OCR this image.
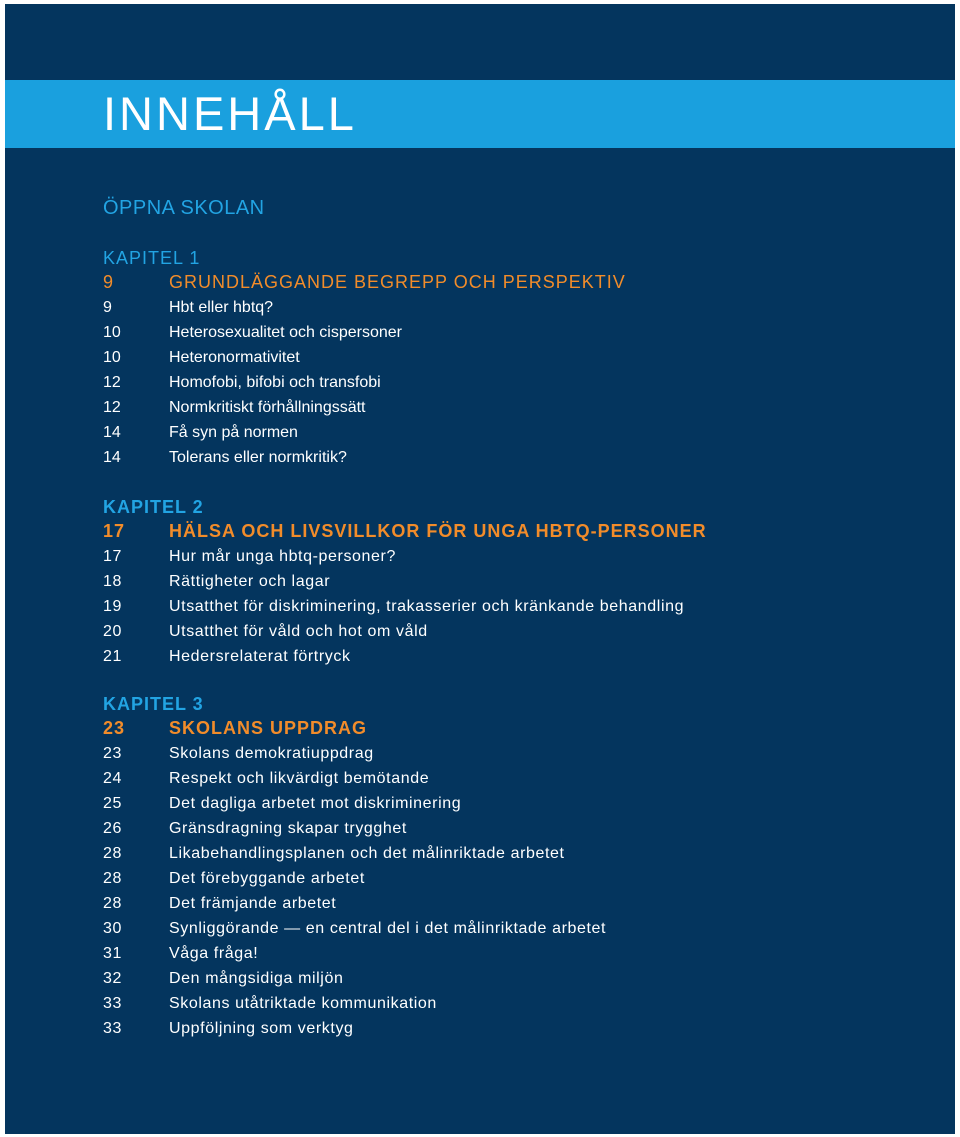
INNEHÅLL
ÖPPNA SKOLAN
KAPITEL 1
9	GRUNDLÄGGANDE BEGREPP OCH PERSPEKTIV
9	Hbt eller hbtq?
10	Heterosexualitet och cispersoner
10	Heteronormativitet
12	Homofobi, bifobi och transfobi
12	Normkritiskt förhållningssätt
14	Få syn på normen
14	Tolerans eller normkritik?
KAPITEL 2
17	HÄLSA OCH LIVSVILLKOR FÖR UNGA HBTQ-PERSONER
17	Hur mår unga hbtq-personer?
18	Rättigheter och lagar
19	Utsatthet för diskriminering, trakasserier och kränkande behandling
20	Utsatthet för våld och hot om våld
21	Hedersrelaterat förtryck
KAPITEL 3
23	SKOLANS UPPDRAG
23	Skolans demokratiuppdrag
24	Respekt och likvärdigt bemötande
25	Det dagliga arbetet mot diskriminering
26	Gränsdragning skapar trygghet
28	Likabehandlingsplanen och det målinriktade arbetet
28	Det förebyggande arbetet
28	Det främjande arbetet
30	Synliggörande — en central del i det målinriktade arbetet
31	Våga fråga!
32	Den mångsidiga miljön
33	Skolans utåtriktade kommunikation
33	Uppföljning som verktyg
